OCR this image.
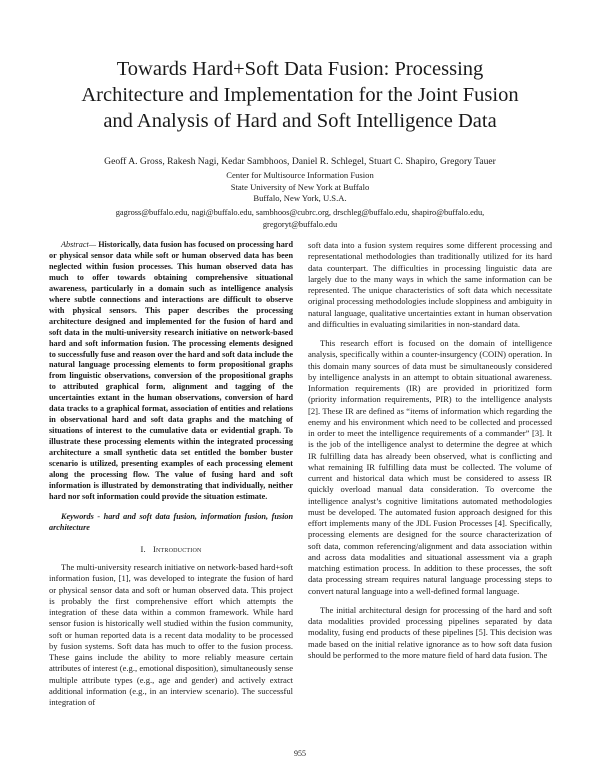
Towards Hard+Soft Data Fusion: Processing
Architecture and Implementation for the Joint Fusion
and Analysis of Hard and Soft Intelligence Data
Geoff A. Gross, Rakesh Nagi, Kedar Sambhoos, Daniel R. Schlegel, Stuart C. Shapiro, Gregory Tauer
Center for Multisource Information Fusion
State University of New York at Buffalo
Buffalo, New York, U.S.A.
gagross@buffalo.edu, nagi@buffalo.edu, sambhoos@cubrc.org, drschleg@buffalo.edu, shapiro@buffalo.edu,
gregoryt@buffalo.edu

Abstract— Historically, data fusion has focused on processing hard or physical sensor data while soft or human observed data has been neglected within fusion processes. This human observed data has much to offer towards obtaining comprehensive situational awareness, particularly in a domain such as intelligence analysis where subtle connections and interactions are difficult to observe with physical sensors. This paper describes the processing architecture designed and implemented for the fusion of hard and soft data in the multi-university research initiative on network-based hard and soft information fusion. The processing elements designed to successfully fuse and reason over the hard and soft data include the natural language processing elements to form propositional graphs from linguistic observations, conversion of the propositional graphs to attributed graphical form, alignment and tagging of the uncertainties extant in the human observations, conversion of hard data tracks to a graphical format, association of entities and relations in observational hard and soft data graphs and the matching of situations of interest to the cumulative data or evidential graph. To illustrate these processing elements within the integrated processing architecture a small synthetic data set entitled the bomber buster scenario is utilized, presenting examples of each processing element along the processing flow. The value of fusing hard and soft information is illustrated by demonstrating that individually, neither hard nor soft information could provide the situation estimate.

Keywords - hard and soft data fusion, information fusion, fusion architecture

I. Introduction

The multi-university research initiative on network-based hard+soft information fusion, [1], was developed to integrate the fusion of hard or physical sensor data and soft or human observed data. This project is probably the first comprehensive effort which attempts the integration of these data within a common framework. While hard sensor fusion is historically well studied within the fusion community, soft or human reported data is a recent data modality to be processed by fusion systems. Soft data has much to offer to the fusion process. These gains include the ability to more reliably measure certain attributes of interest (e.g., emotional disposition), simultaneously sense multiple attribute types (e.g., age and gender) and actively extract additional information (e.g., in an interview scenario). The successful integration of

soft data into a fusion system requires some different processing and representational methodologies than traditionally utilized for its hard data counterpart. The difficulties in processing linguistic data are largely due to the many ways in which the same information can be represented. The unique characteristics of soft data which necessitate original processing methodologies include sloppiness and ambiguity in natural language, qualitative uncertainties extant in human observation and difficulties in evaluating similarities in non-standard data.

This research effort is focused on the domain of intelligence analysis, specifically within a counter-insurgency (COIN) operation. In this domain many sources of data must be simultaneously considered by intelligence analysts in an attempt to obtain situational awareness. Information requirements (IR) are provided in prioritized form (priority information requirements, PIR) to the intelligence analysts [2]. These IR are defined as “items of information which regarding the enemy and his environment which need to be collected and processed in order to meet the intelligence requirements of a commander” [3]. It is the job of the intelligence analyst to determine the degree at which IR fulfilling data has already been observed, what is conflicting and what remaining IR fulfilling data must be collected. The volume of current and historical data which must be considered to assess IR quickly overload manual data consideration. To overcome the intelligence analyst’s cognitive limitations automated methodologies must be developed. The automated fusion approach designed for this effort implements many of the JDL Fusion Processes [4]. Specifically, processing elements are designed for the source characterization of soft data, common referencing/alignment and data association within and across data modalities and situational assessment via a graph matching estimation process. In addition to these processes, the soft data processing stream requires natural language processing steps to convert natural language into a well-defined formal language.

The initial architectural design for processing of the hard and soft data modalities provided processing pipelines separated by data modality, fusing end products of these pipelines [5]. This decision was made based on the initial relative ignorance as to how soft data fusion should be performed to the more mature field of hard data fusion. The

955
